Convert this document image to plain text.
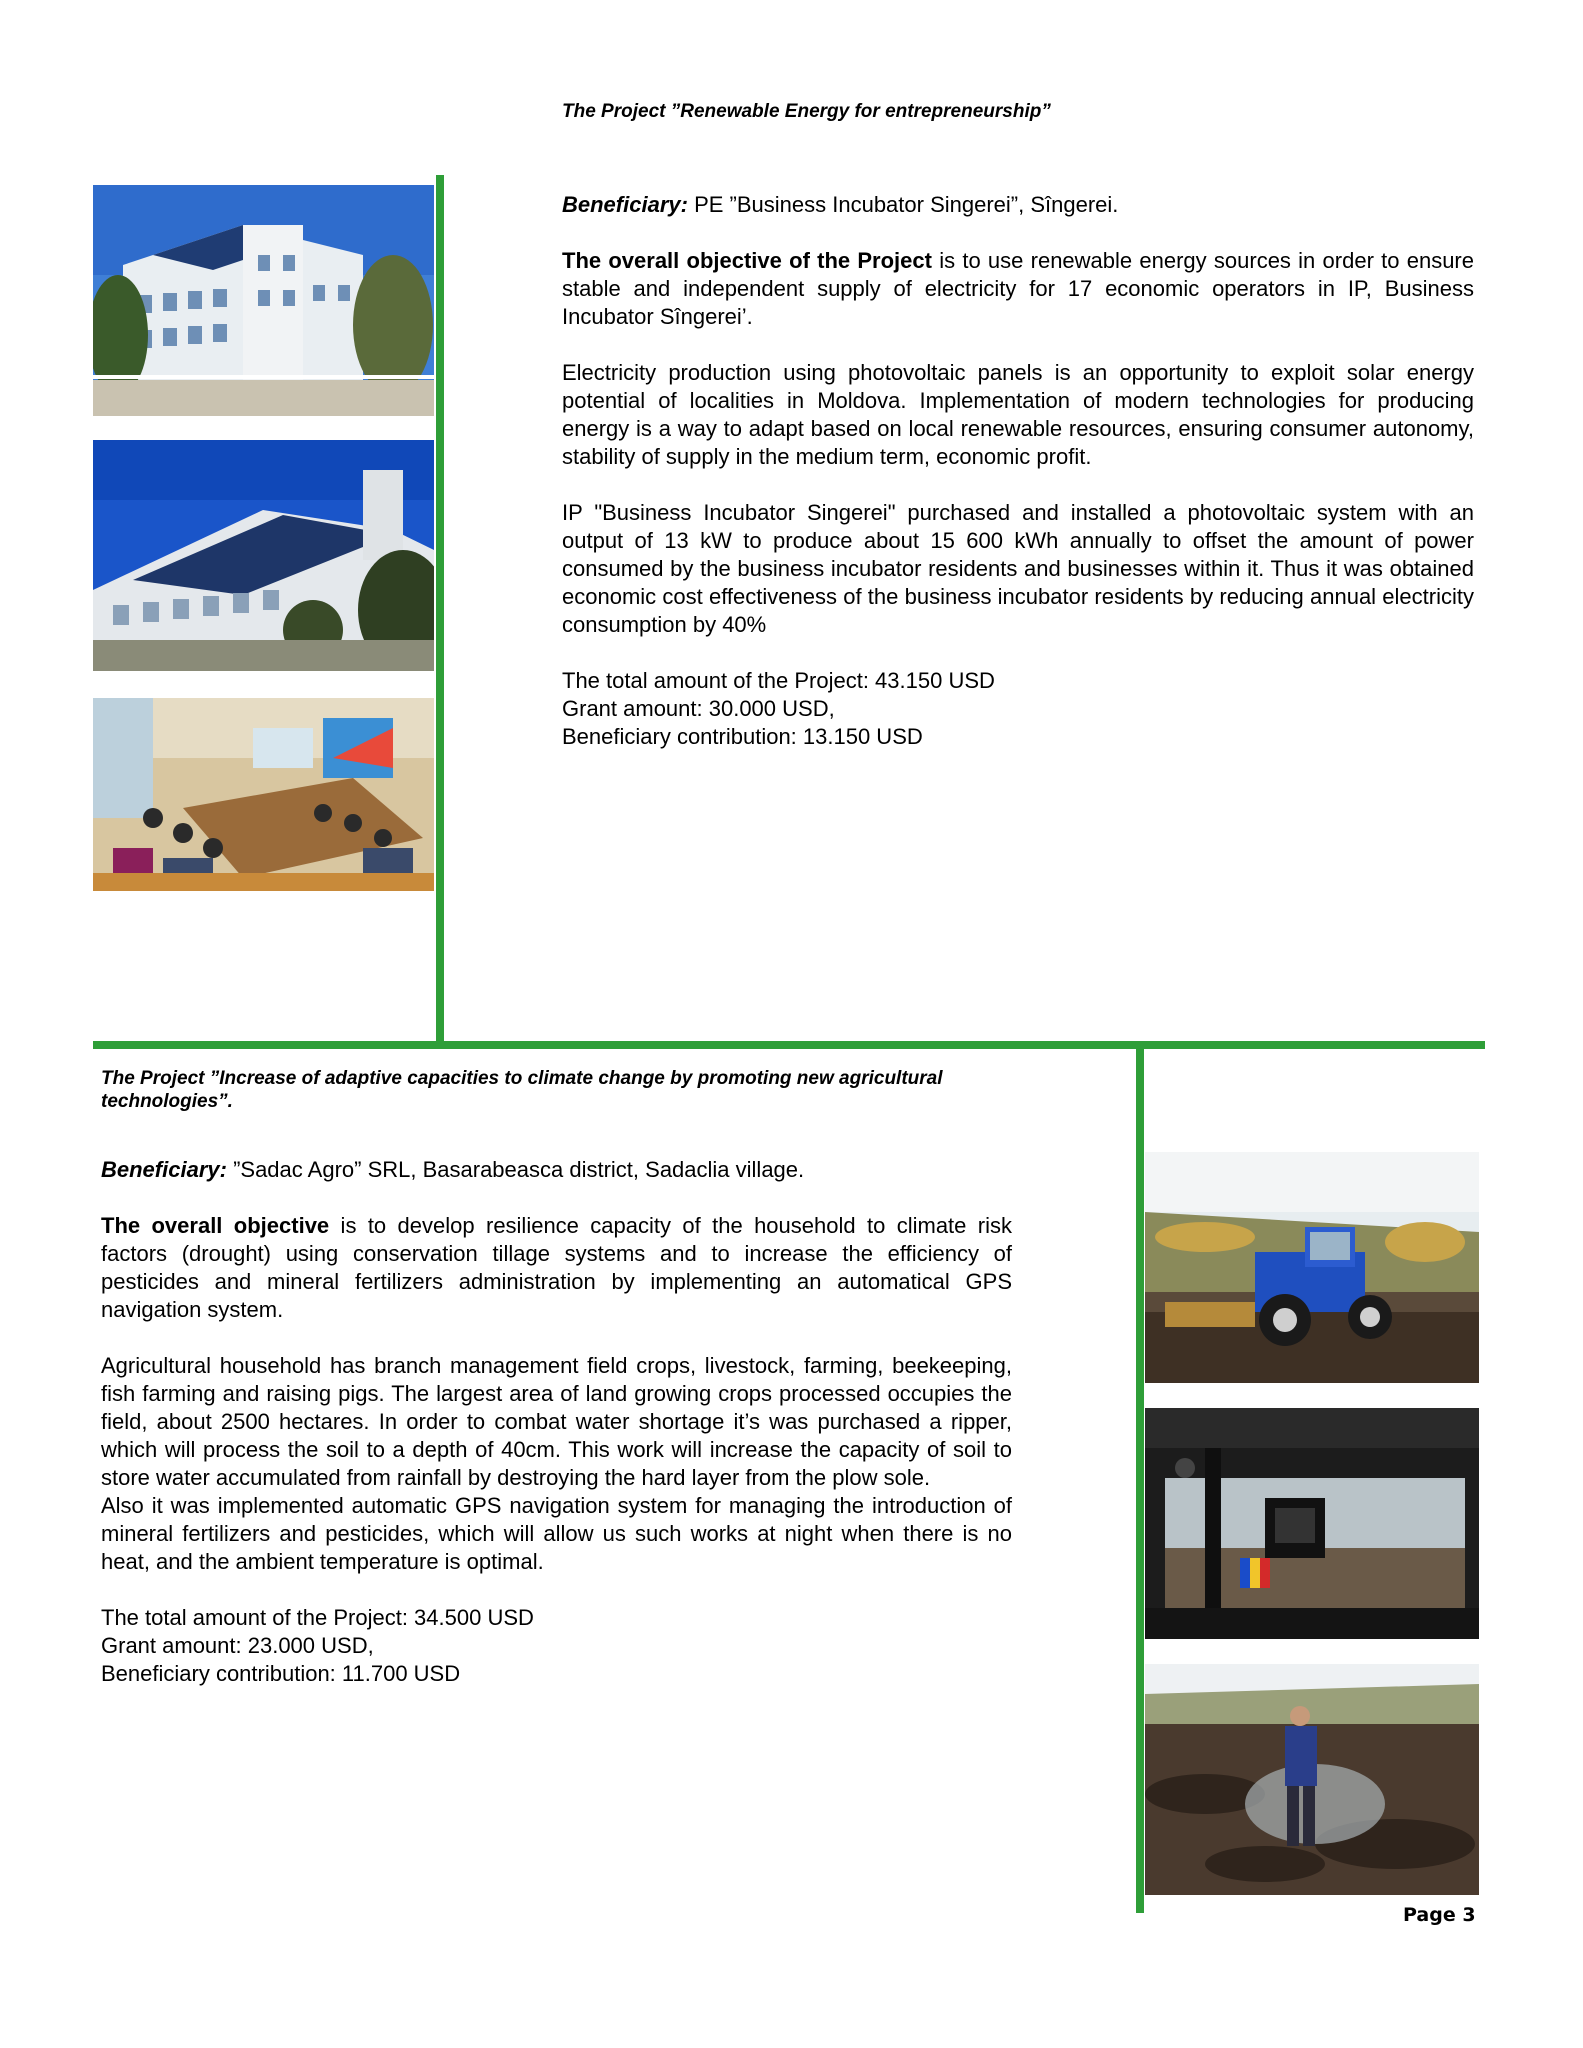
The Project ”Renewable Energy for entrepreneurship”

Beneficiary: PE ”Business Incubator Singerei”, Sîngerei.

The overall objective of the Project is to use renewable energy sources in order to ensure stable and independent supply of electricity for 17 economic operators in IP, Business Incubator Sîngerei’.

Electricity production using photovoltaic panels is an opportunity to exploit solar energy potential of localities in Moldova. Implementation of modern technologies for producing energy is a way to adapt based on local renewable resources, ensuring consumer autonomy, stability of supply in the medium term, economic profit.

IP "Business Incubator Singerei" purchased and installed a photovoltaic system with an output of 13 kW to produce about 15 600 kWh annually to offset the amount of power consumed by the business incubator residents and businesses within it. Thus it was obtained economic cost effectiveness of the business incubator residents by reducing annual electricity consumption by 40%

The total amount of the Project: 43.150 USD

Grant amount: 30.000 USD,

Beneficiary contribution: 13.150 USD

The Project ”Increase of adaptive capacities to climate change by promoting new agricultural technologies”.

Beneficiary: ”Sadac Agro” SRL, Basarabeasca district, Sadaclia village.

The overall objective is to develop resilience capacity of the household to climate risk factors (drought) using conservation tillage systems and to increase the efficiency of pesticides and mineral fertilizers administration by implementing an automatical GPS navigation system.

Agricultural household has branch management field crops, livestock, farming, beekeeping, fish farming and raising pigs. The largest area of land growing crops processed occupies the field, about 2500 hectares. In order to combat water shortage it’s was purchased a ripper, which will process the soil to a depth of 40cm. This work will increase the capacity of soil to store water accumulated from rainfall by destroying the hard layer from the plow sole.

Also it was implemented automatic GPS navigation system for managing the introduction of mineral fertilizers and pesticides, which will allow us such works at night when there is no heat, and the ambient temperature is optimal.

The total amount of the Project: 34.500 USD

Grant amount: 23.000 USD,

Beneficiary contribution: 11.700 USD

Page 3
